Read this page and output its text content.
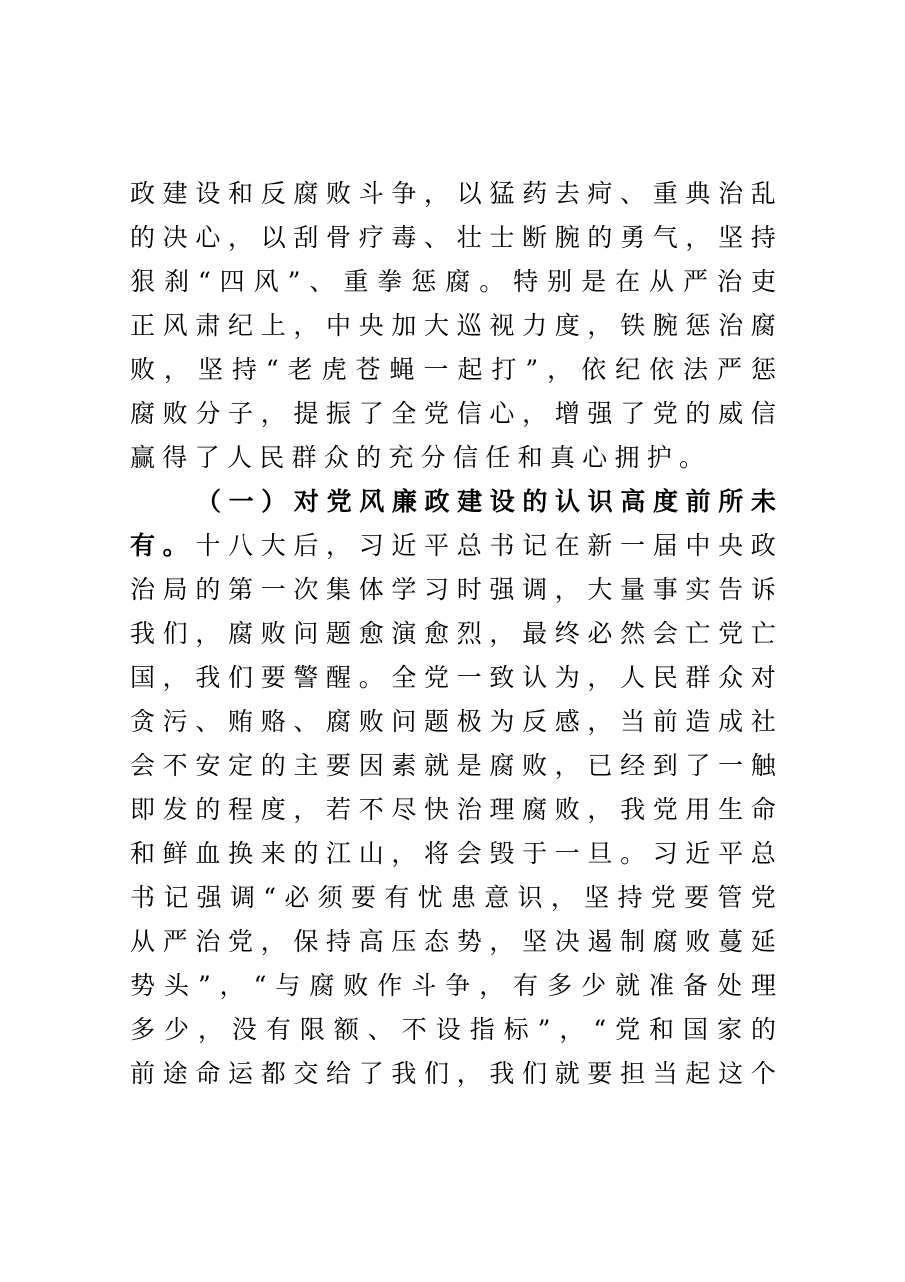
政 建 设 和 反 腐 败 斗 争 ， 以 猛 药 去 疴 、 重 典 治 乱
的 决 心 ， 以 刮 骨 疗 毒 、 壮 士 断 腕 的 勇 气 ， 坚 持
狠 刹 “ 四 风 ” 、 重 拳 惩 腐 。 特 别 是 在 从 严 治 吏
正 风 肃 纪 上 ， 中 央 加 大 巡 视 力 度 ， 铁 腕 惩 治 腐
败 ， 坚 持 “ 老 虎 苍 蝇 一 起 打 ” ， 依 纪 依 法 严 惩
腐 败 分 子 ， 提 振 了 全 党 信 心 ， 增 强 了 党 的 威 信
赢 得 了 人 民 群 众 的 充 分 信 任 和 真 心 拥 护 。
（ 一 ） 对 党 风 廉 政 建 设 的 认 识 高 度 前 所 未
有 。 十 八 大 后 ， 习 近 平 总 书 记 在 新 一 届 中 央 政
治 局 的 第 一 次 集 体 学 习 时 强 调 ， 大 量 事 实 告 诉
我 们 ， 腐 败 问 题 愈 演 愈 烈 ， 最 终 必 然 会 亡 党 亡
国 ， 我 们 要 警 醒 。 全 党 一 致 认 为 ， 人 民 群 众 对
贪 污 、 贿 赂 、 腐 败 问 题 极 为 反 感 ， 当 前 造 成 社
会 不 安 定 的 主 要 因 素 就 是 腐 败 ， 已 经 到 了 一 触
即 发 的 程 度 ， 若 不 尽 快 治 理 腐 败 ， 我 党 用 生 命
和 鲜 血 换 来 的 江 山 ， 将 会 毁 于 一 旦 。 习 近 平 总
书 记 强 调 “ 必 须 要 有 忧 患 意 识 ， 坚 持 党 要 管 党
从 严 治 党 ， 保 持 高 压 态 势 ， 坚 决 遏 制 腐 败 蔓 延
势 头 ” ， “ 与 腐 败 作 斗 争 ， 有 多 少 就 准 备 处 理
多 少 ， 没 有 限 额 、 不 设 指 标 ” ， “ 党 和 国 家 的
前 途 命 运 都 交 给 了 我 们 ， 我 们 就 要 担 当 起 这 个
